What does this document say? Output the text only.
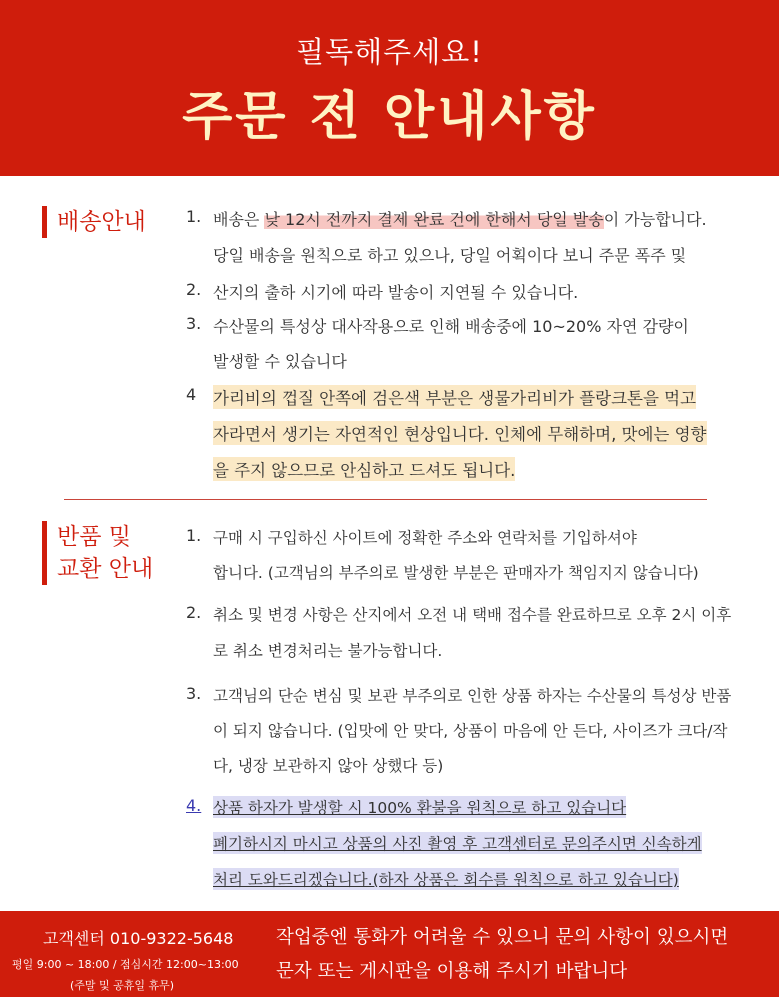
필독해주세요!
주문 전 안내사항
배송안내	1. 배송은 낮 12시 전까지 결제 완료 건에 한해서 당일 발송이 가능합니다.
당일 배송을 원칙으로 하고 있으나, 당일 어획이다 보니 주문 폭주 및
2. 산지의 출하 시기에 따라 발송이 지연될 수 있습니다.
3. 수산물의 특성상 대사작용으로 인해 배송중에 10~20% 자연 감량이
발생할 수 있습니다
4	가리비의 껍질 안쪽에 검은색 부분은 생물가리비가 플랑크톤을 먹고
자라면서 생기는 자연적인 현상입니다. 인체에 무해하며, 맛에는 영향
을 주지 않으므로 안심하고 드셔도 됩니다.
반품 및
교환 안내
1. 구매 시 구입하신 사이트에 정확한 주소와 연락처를 기입하셔야
합니다. (고객님의 부주의로 발생한 부분은 판매자가 책임지지 않습니다)
2. 취소 및 변경 사항은 산지에서 오전 내 택배 접수를 완료하므로 오후 2시 이후
로 취소 변경처리는 불가능합니다.
3. 고객님의 단순 변심 및 보관 부주의로 인한 상품 하자는 수산물의 특성상 반품
이 되지 않습니다. (입맛에 안 맞다, 상품이 마음에 안 든다, 사이즈가 크다/작
다, 냉장 보관하지 않아 상했다 등)
4. 상품 하자가 발생할 시 100% 환불을 원칙으로 하고 있습니다
폐기하시지 마시고 상품의 사진 촬영 후 고객센터로 문의주시면 신속하게
처리 도와드리겠습니다.(하자 상품은 회수를 원칙으로 하고 있습니다)
고객센터 010-9322-5648
평일 9:00 ~ 18:00 / 점심시간 12:00~13:00
(주말 및 공휴일 휴무)
작업중엔 통화가 어려울 수 있으니 문의 사항이 있으시면
문자 또는 게시판을 이용해 주시기 바랍니다
